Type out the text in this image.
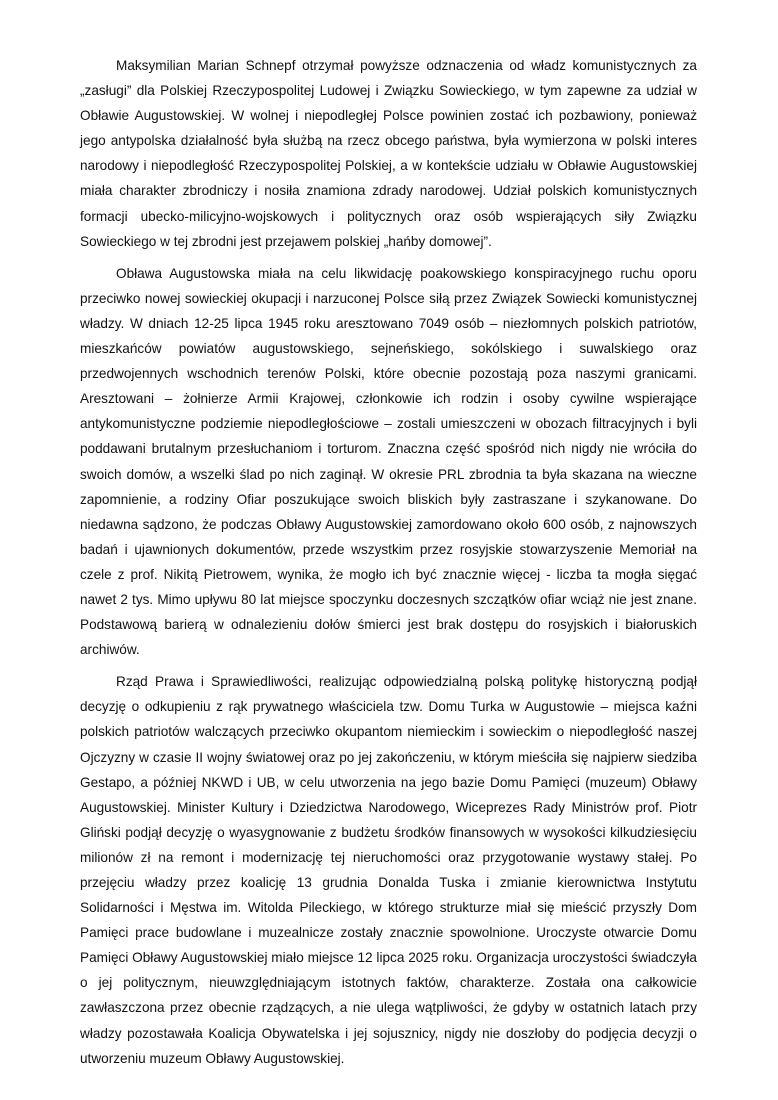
Maksymilian Marian Schnepf otrzymał powyższe odznaczenia od władz komunistycznych za „zasługi” dla Polskiej Rzeczypospolitej Ludowej i Związku Sowieckiego, w tym zapewne za udział w Obławie Augustowskiej. W wolnej i niepodległej Polsce powinien zostać ich pozbawiony, ponieważ jego antypolska działalność była służbą na rzecz obcego państwa, była wymierzona w polski interes narodowy i niepodległość Rzeczypospolitej Polskiej, a w kontekście udziału w Obławie Augustowskiej miała charakter zbrodniczy i nosiła znamiona zdrady narodowej. Udział polskich komunistycznych formacji ubecko-milicyjno-wojskowych i politycznych oraz osób wspierających siły Związku Sowieckiego w tej zbrodni jest przejawem polskiej „hańby domowej”.

Obława Augustowska miała na celu likwidację poakowskiego konspiracyjnego ruchu oporu przeciwko nowej sowieckiej okupacji i narzuconej Polsce siłą przez Związek Sowiecki komunistycznej władzy. W dniach 12-25 lipca 1945 roku aresztowano 7049 osób – niezłomnych polskich patriotów, mieszkańców powiatów augustowskiego, sejneńskiego, sokólskiego i suwalskiego oraz przedwojennych wschodnich terenów Polski, które obecnie pozostają poza naszymi granicami. Aresztowani – żołnierze Armii Krajowej, członkowie ich rodzin i osoby cywilne wspierające antykomunistyczne podziemie niepodległościowe – zostali umieszczeni w obozach filtracyjnych i byli poddawani brutalnym przesłuchaniom i torturom. Znaczna część spośród nich nigdy nie wróciła do swoich domów, a wszelki ślad po nich zaginął. W okresie PRL zbrodnia ta była skazana na wieczne zapomnienie, a rodziny Ofiar poszukujące swoich bliskich były zastraszane i szykanowane. Do niedawna sądzono, że podczas Obławy Augustowskiej zamordowano około 600 osób, z najnowszych badań i ujawnionych dokumentów, przede wszystkim przez rosyjskie stowarzyszenie Memoriał na czele z prof. Nikitą Pietrowem, wynika, że mogło ich być znacznie więcej - liczba ta mogła sięgać nawet 2 tys. Mimo upływu 80 lat miejsce spoczynku doczesnych szczątków ofiar wciąż nie jest znane. Podstawową barierą w odnalezieniu dołów śmierci jest brak dostępu do rosyjskich i białoruskich archiwów.

Rząd Prawa i Sprawiedliwości, realizując odpowiedzialną polską politykę historyczną podjął decyzję o odkupieniu z rąk prywatnego właściciela tzw. Domu Turka w Augustowie – miejsca kaźni polskich patriotów walczących przeciwko okupantom niemieckim i sowieckim o niepodległość naszej Ojczyzny w czasie II wojny światowej oraz po jej zakończeniu, w którym mieściła się najpierw siedziba Gestapo, a później NKWD i UB, w celu utworzenia na jego bazie Domu Pamięci (muzeum) Obławy Augustowskiej. Minister Kultury i Dziedzictwa Narodowego, Wiceprezes Rady Ministrów prof. Piotr Gliński podjął decyzję o wyasygnowanie z budżetu środków finansowych w wysokości kilkudziesięciu milionów zł na remont i modernizację tej nieruchomości oraz przygotowanie wystawy stałej. Po przejęciu władzy przez koalicję 13 grudnia Donalda Tuska i zmianie kierownictwa Instytutu Solidarności i Męstwa im. Witolda Pileckiego, w którego strukturze miał się mieścić przyszły Dom Pamięci prace budowlane i muzealnicze zostały znacznie spowolnione. Uroczyste otwarcie Domu Pamięci Obławy Augustowskiej miało miejsce 12 lipca 2025 roku. Organizacja uroczystości świadczyła o jej politycznym, nieuwzględniającym istotnych faktów, charakterze. Została ona całkowicie zawłaszczona przez obecnie rządzących, a nie ulega wątpliwości, że gdyby w ostatnich latach przy władzy pozostawała Koalicja Obywatelska i jej sojusznicy, nigdy nie doszłoby do podjęcia decyzji o utworzeniu muzeum Obławy Augustowskiej.
